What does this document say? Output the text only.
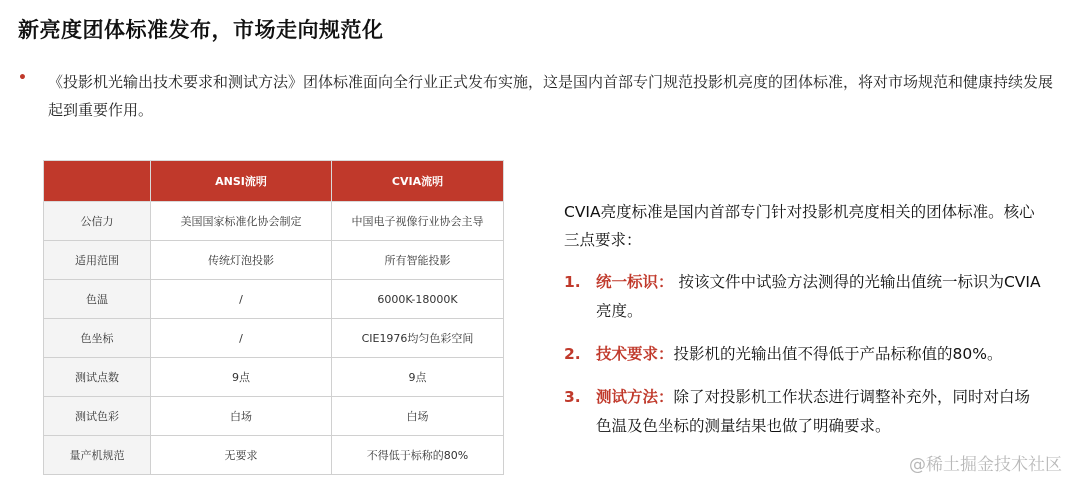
新亮度团体标准发布，市场走向规范化
• 《投影机光输出技术要求和测试方法》团体标准面向全行业正式发布实施，这是国内首部专门规范投影机亮度的团体标准，将对市场规范和健康持续发展起到重要作用。
	ANSI流明	CVIA流明
公信力	美国国家标准化协会制定	中国电子视像行业协会主导
适用范围	传统灯泡投影	所有智能投影
色温	/	6000K-18000K
色坐标	/	CIE1976均匀色彩空间
测试点数	9点	9点
测试色彩	白场	白场
量产机规范	无要求	不得低于标称的80%
CVIA亮度标准是国内首部专门针对投影机亮度相关的团体标准。核心三点要求：
1. 统一标识： 按该文件中试验方法测得的光输出值统一标识为CVIA亮度。
2. 技术要求：投影机的光输出值不得低于产品标称值的80%。
3. 测试方法：除了对投影机工作状态进行调整补充外，同时对白场色温及色坐标的测量结果也做了明确要求。
@稀土掘金技术社区
